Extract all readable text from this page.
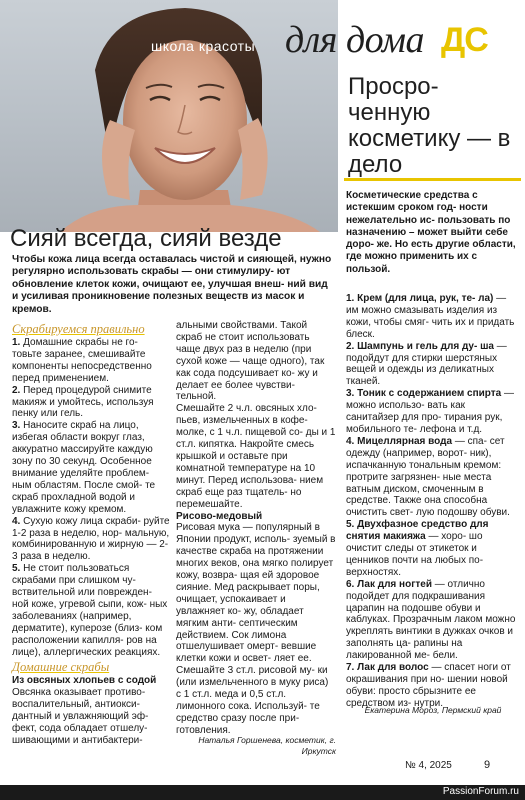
школа красоты для дома ДС
Просро- ченную косметику — в дело
Косметические средства с истекшим сроком год- ности нежелательно ис- пользовать по назначению – может выйти себе доро- же. Но есть другие области, где можно применить их с пользой.

1. Крем (для лица, рук, те- ла) — им можно смазывать изделия из кожи, чтобы смяг- чить их и придать блеск.

2. Шампунь и гель для ду- ша — подойдут для стирки шерстяных вещей и одежды из деликатных тканей.

3. Тоник с содержанием спирта — можно использо- вать как санитайзер для про- тирания рук, мобильного те- лефона и т.д.

4. Мицеллярная вода — спа- сет одежду (например, ворот- ник), испачканную тональным кремом: протрите загрязнен- ные места ватным диском, смоченным в средстве. Также она способна очистить свет- лую подошву обуви.

5. Двухфазное средство для снятия макияжа — хоро- шо очистит следы от этикеток и ценников почти на любых по- верхностях.

6. Лак для ногтей — отлично подойдет для подкрашивания царапин на подошве обуви и каблуках. Прозрачным лаком можно укреплять винтики в дужках очков и заполнять ца- рапины на лакированной ме- бели.

7. Лак для волос — спасет ноги от окрашивания при но- шении новой обуви: просто сбрызните ее средством из- нутри.

Екатерина Мороз, Пермский край
Сияй всегда, сияй везде
Чтобы кожа лица всегда оставалась чистой и сияющей, нужно регулярно использовать скрабы — они стимулиру- ют обновление клеток кожи, очищают ее, улучшая внеш- ний вид и усиливая проникновение полезных веществ из масок и кремов.

Скрабируемся правильно

1. Домашние скрабы не го- товьте заранее, смешивайте компоненты непосредственно перед применением.

2. Перед процедурой снимите макияж и умойтесь, используя пенку или гель.

3. Наносите скраб на лицо, избегая области вокруг глаз, аккуратно массируйте каждую зону по 30 секунд. Особенное внимание уделяйте проблем- ным областям. После смой- те скраб прохладной водой и увлажните кожу кремом.

4. Сухую кожу лица скраби- руйте 1-2 раза в неделю, нор- мальную, комбинированную и жирную — 2-3 раза в неделю.

5. Не стоит пользоваться скрабами при слишком чу- вствительной или поврежден- ной коже, угревой сыпи, кож- ных заболеваниях (например, дерматите), куперозе (близ- ком расположении капилля- ров на лице), аллергических реакциях.

Домашние скрабы

Из овсяных хлопьев с содой

Овсянка оказывает противо- воспалительный, антиокси- дантный и увлажняющий эф- фект, сода обладает отшелу- шивающими и антибактери-

альными свойствами. Такой скраб не стоит использовать чаще двух раз в неделю (при сухой коже — чаще одного), так как сода подсушивает ко- жу и делает ее более чувстви- тельной.

Смешайте 2 ч.л. овсяных хло- пьев, измельченных в кофе- молке, с 1 ч.л. пищевой со- ды и 1 ст.л. кипятка. Накройте смесь крышкой и оставьте при комнатной температуре на 10 минут. Перед использова- нием скраб еще раз тщатель- но перемешайте.

Рисово-медовый

Рисовая мука — популярный в Японии продукт, исполь- зуемый в качестве скраба на протяжении многих веков, она мягко полирует кожу, возвра- щая ей здоровое сияние. Мед раскрывает поры, очищает, успокаивает и увлажняет ко- жу, обладает мягким анти- септическим действием. Сок лимона отшелушивает омерт- вевшие клетки кожи и освет- ляет ее.

Смешайте 3 ст.л. рисовой му- ки (или измельченного в муку риса) с 1 ст.л. меда и 0,5 ст.л. лимонного сока. Используй- те средство сразу после при- готовления.

Наталья Горшенева, косметик, г. Иркутск
№ 4, 2025	9
PassionForum.ru
